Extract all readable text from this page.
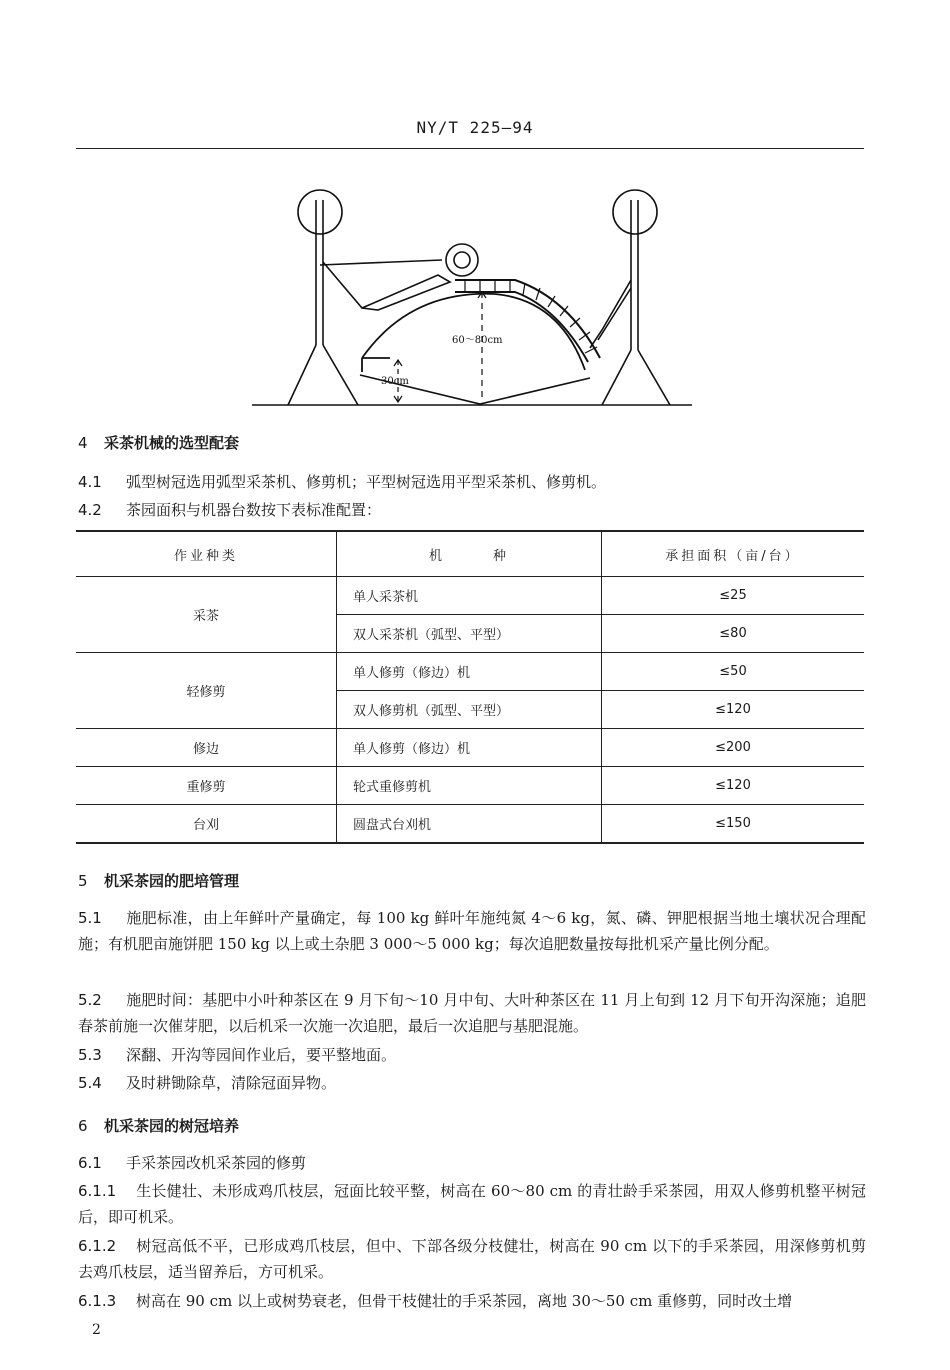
NY/T 225—94
60～80cm
30cm
4 采茶机械的选型配套
4.1 弧型树冠选用弧型采茶机、修剪机；平型树冠选用平型采茶机、修剪机。
4.2 茶园面积与机器台数按下表标准配置：
作业种类	机　　　种	承担面积（亩/台）
采茶	单人采茶机	≤25
	双人采茶机（弧型、平型）	≤80
轻修剪	单人修剪（修边）机	≤50
	双人修剪机（弧型、平型）	≤120
修边	单人修剪（修边）机	≤200
重修剪	轮式重修剪机	≤120
台刈	圆盘式台刈机	≤150
5 机采茶园的肥培管理
5.1 施肥标准，由上年鲜叶产量确定，每 100 kg 鲜叶年施纯氮 4～6 kg，氮、磷、钾肥根据当地土壤状况合理配施；有机肥亩施饼肥 150 kg 以上或土杂肥 3 000～5 000 kg；每次追肥数量按每批机采产量比例分配。
5.2 施肥时间：基肥中小叶种茶区在 9 月下旬～10 月中旬、大叶种茶区在 11 月上旬到 12 月下旬开沟深施；追肥春茶前施一次催芽肥，以后机采一次施一次追肥，最后一次追肥与基肥混施。
5.3 深翻、开沟等园间作业后，要平整地面。
5.4 及时耕锄除草，清除冠面异物。
6 机采茶园的树冠培养
6.1 手采茶园改机采茶园的修剪
6.1.1 生长健壮、未形成鸡爪枝层，冠面比较平整，树高在 60～80 cm 的青壮龄手采茶园，用双人修剪机整平树冠后，即可机采。
6.1.2 树冠高低不平，已形成鸡爪枝层，但中、下部各级分枝健壮，树高在 90 cm 以下的手采茶园，用深修剪机剪去鸡爪枝层，适当留养后，方可机采。
6.1.3 树高在 90 cm 以上或树势衰老，但骨干枝健壮的手采茶园，离地 30～50 cm 重修剪，同时改土增
2
